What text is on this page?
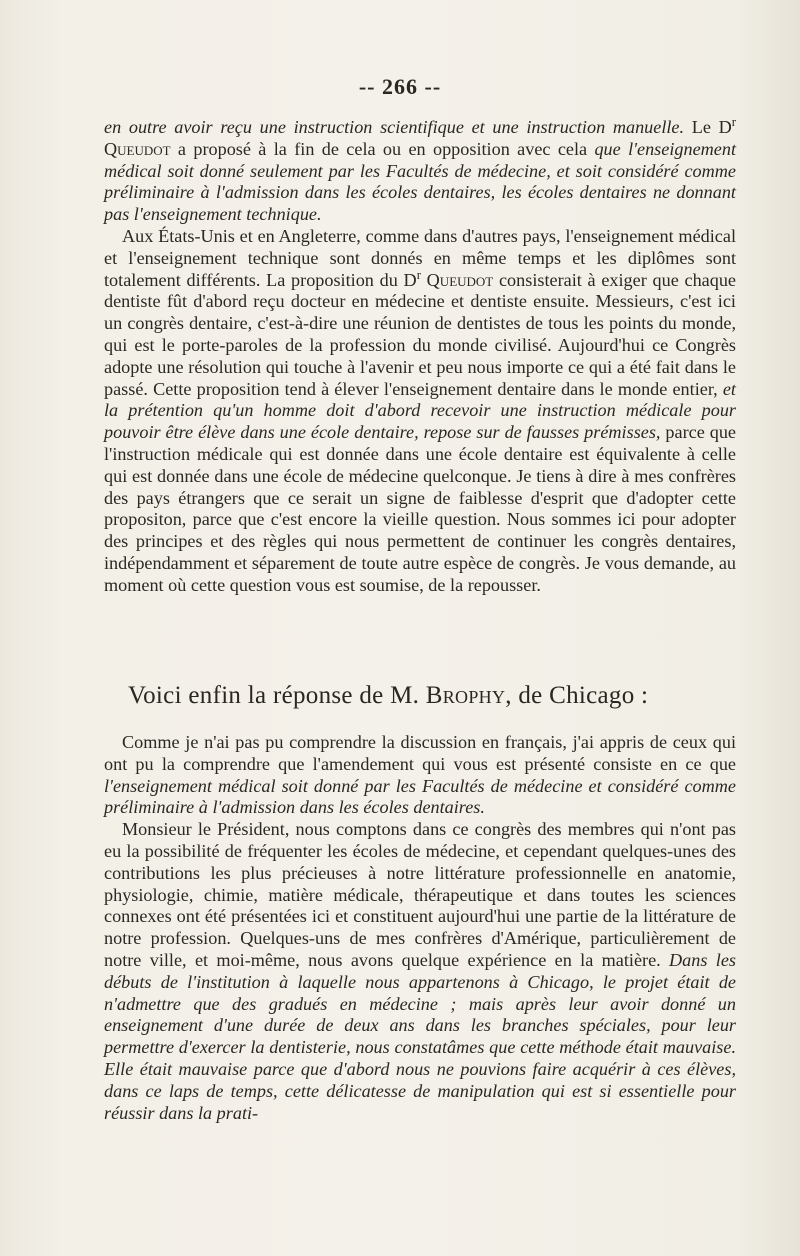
-- 266 --

en outre avoir reçu une instruction scientifique et une instruction manuelle. Le $D^r$ Queudot a proposé à la fin de cela ou en opposition avec cela que l'enseignement médical soit donné seulement par les Facultés de médecine, et soit considéré comme préliminaire à l'admission dans les écoles dentaires, les écoles dentaires ne donnant pas l'enseignement technique.

Aux États-Unis et en Angleterre, comme dans d'autres pays, l'enseignement médical et l'enseignement technique sont donnés en même temps et les diplômes sont totalement différents. La proposition du $D^r$ Queudot consisterait à exiger que chaque dentiste fût d'abord reçu docteur en médecine et dentiste ensuite. Messieurs, c'est ici un congrès dentaire, c'est-à-dire une réunion de dentistes de tous les points du monde, qui est le porte-paroles de la profession du monde civilisé. Aujourd'hui ce Congrès adopte une résolution qui touche à l'avenir et peu nous importe ce qui a été fait dans le passé. Cette proposition tend à élever l'enseignement dentaire dans le monde entier, et la prétention qu'un homme doit d'abord recevoir une instruction médicale pour pouvoir être élève dans une école dentaire, repose sur de fausses prémisses, parce que l'instruction médicale qui est donnée dans une école dentaire est équivalente à celle qui est donnée dans une école de médecine quelconque. Je tiens à dire à mes confrères des pays étrangers que ce serait un signe de faiblesse d'esprit que d'adopter cette propositon, parce que c'est encore la vieille question. Nous sommes ici pour adopter des principes et des règles qui nous permettent de continuer les congrès dentaires, indépendamment et séparement de toute autre espèce de congrès. Je vous demande, au moment où cette question vous est soumise, de la repousser.

Voici enfin la réponse de M. Brophy, de Chicago :

Comme je n'ai pas pu comprendre la discussion en français, j'ai appris de ceux qui ont pu la comprendre que l'amendement qui vous est présenté consiste en ce que l'enseignement médical soit donné par les Facultés de médecine et considéré comme préliminaire à l'admission dans les écoles dentaires.

Monsieur le Président, nous comptons dans ce congrès des membres qui n'ont pas eu la possibilité de fréquenter les écoles de médecine, et cependant quelques-unes des contributions les plus précieuses à notre littérature professionnelle en anatomie, physiologie, chimie, matière médicale, thérapeutique et dans toutes les sciences connexes ont été présentées ici et constituent aujourd'hui une partie de la littérature de notre profession. Quelques-uns de mes confrères d'Amérique, particulièrement de notre ville, et moi-même, nous avons quelque expérience en la matière. Dans les débuts de l'institution à laquelle nous appartenons à Chicago, le projet était de n'admettre que des gradués en médecine ; mais après leur avoir donné un enseignement d'une durée de deux ans dans les branches spéciales, pour leur permettre d'exercer la dentisterie, nous constatâmes que cette méthode était mauvaise. Elle était mauvaise parce que d'abord nous ne pouvions faire acquérir à ces élèves, dans ce laps de temps, cette délicatesse de manipulation qui est si essentielle pour réussir dans la prati-
